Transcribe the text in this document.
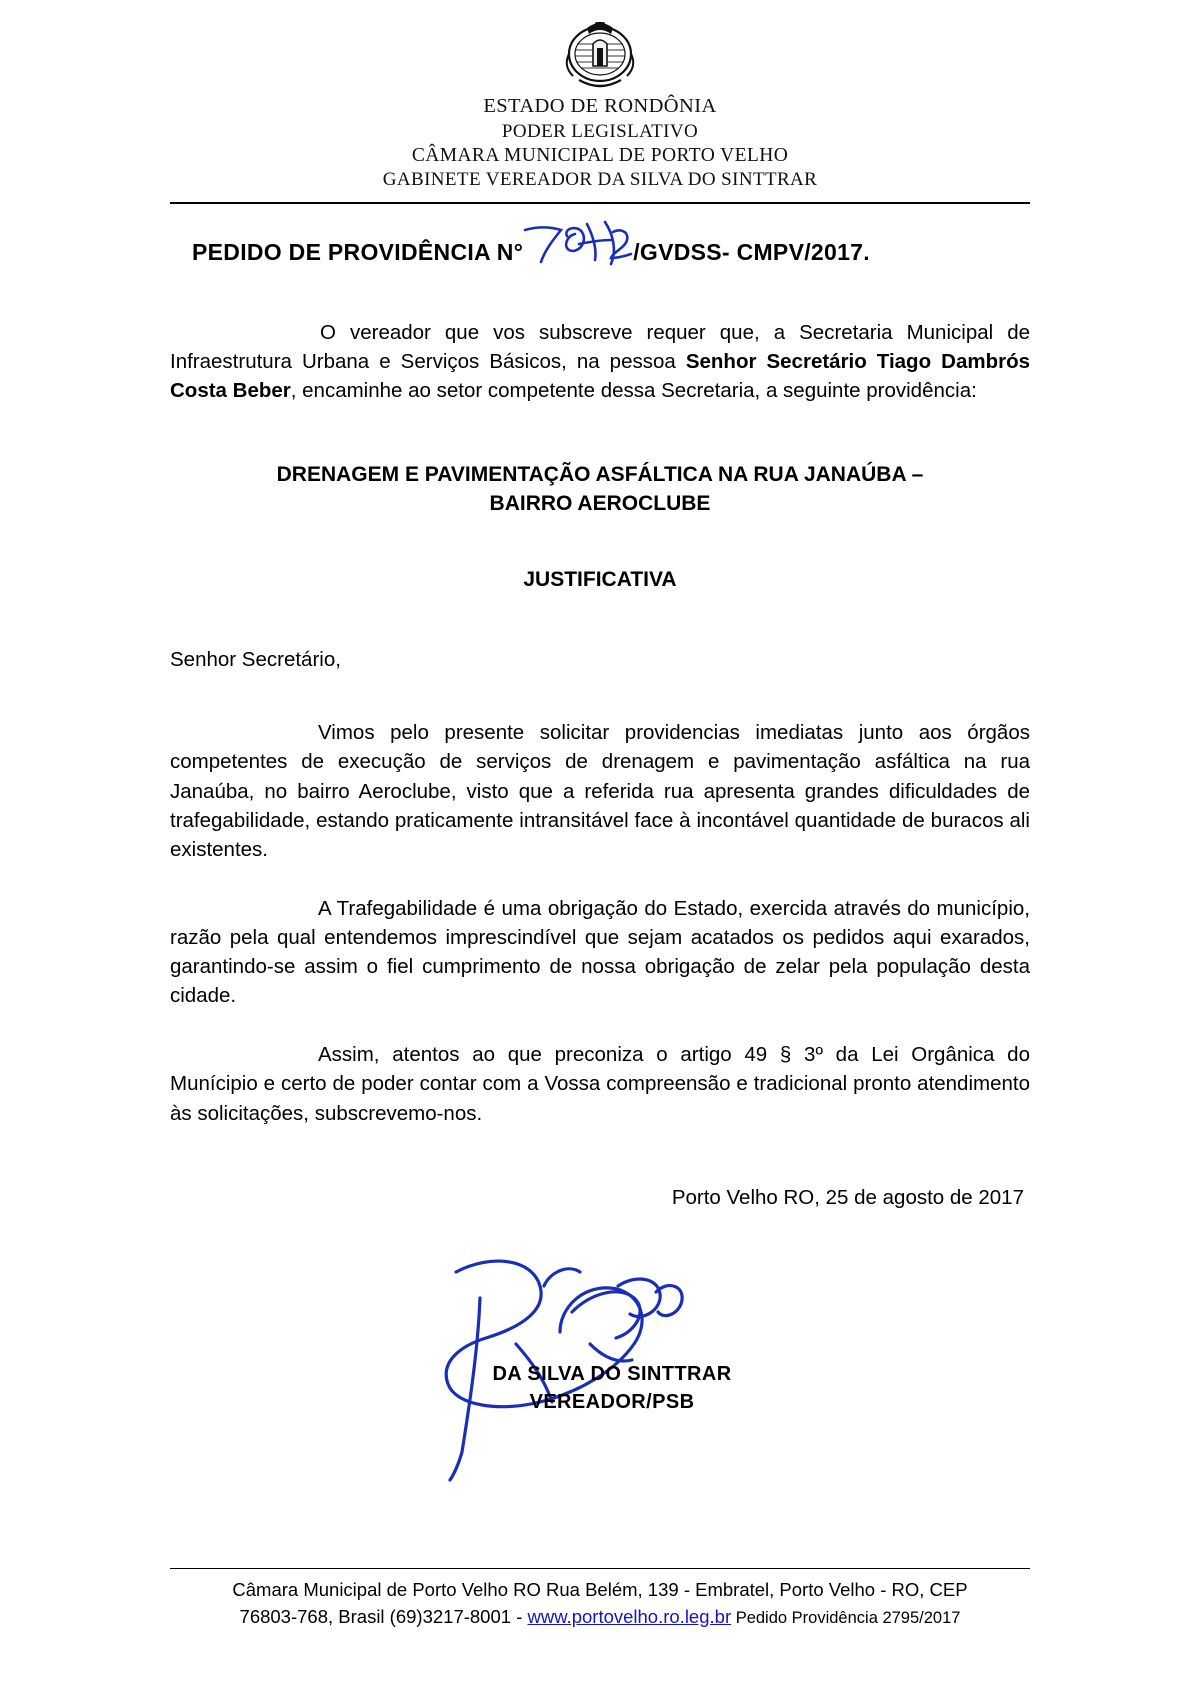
ESTADO DE RONDÔNIA
PODER LEGISLATIVO
CÂMARA MUNICIPAL DE PORTO VELHO
GABINETE VEREADOR DA SILVA DO SINTTRAR
PEDIDO DE PROVIDÊNCIA N°	/GVDSS- CMPV/2017.

O vereador que vos subscreve requer que, a Secretaria Municipal de Infraestrutura Urbana e Serviços Básicos, na pessoa Senhor Secretário Tiago Dambrós Costa Beber, encaminhe ao setor competente dessa Secretaria, a seguinte providência:

DRENAGEM E PAVIMENTAÇÃO ASFÁLTICA NA RUA JANAÚBA –
BAIRRO AEROCLUBE
JUSTIFICATIVA
Senhor Secretário,

Vimos pelo presente solicitar providencias imediatas junto aos órgãos competentes de execução de serviços de drenagem e pavimentação asfáltica na rua Janaúba, no bairro Aeroclube, visto que a referida rua apresenta grandes dificuldades de trafegabilidade, estando praticamente intransitável face à incontável quantidade de buracos ali existentes.

A Trafegabilidade é uma obrigação do Estado, exercida através do município, razão pela qual entendemos imprescindível que sejam acatados os pedidos aqui exarados, garantindo-se assim o fiel cumprimento de nossa obrigação de zelar pela população desta cidade.

Assim, atentos ao que preconiza o artigo 49 § 3º da Lei Orgânica do Munícipio e certo de poder contar com a Vossa compreensão e tradicional pronto atendimento às solicitações, subscrevemo-nos.

Porto Velho RO, 25 de agosto de 2017
DA SILVA DO SINTTRAR
VEREADOR/PSB
Câmara Municipal de Porto Velho RO Rua Belém, 139 - Embratel, Porto Velho - RO, CEP
76803-768, Brasil (69)3217-8001 - www.portovelho.ro.leg.br Pedido Providência 2795/2017
